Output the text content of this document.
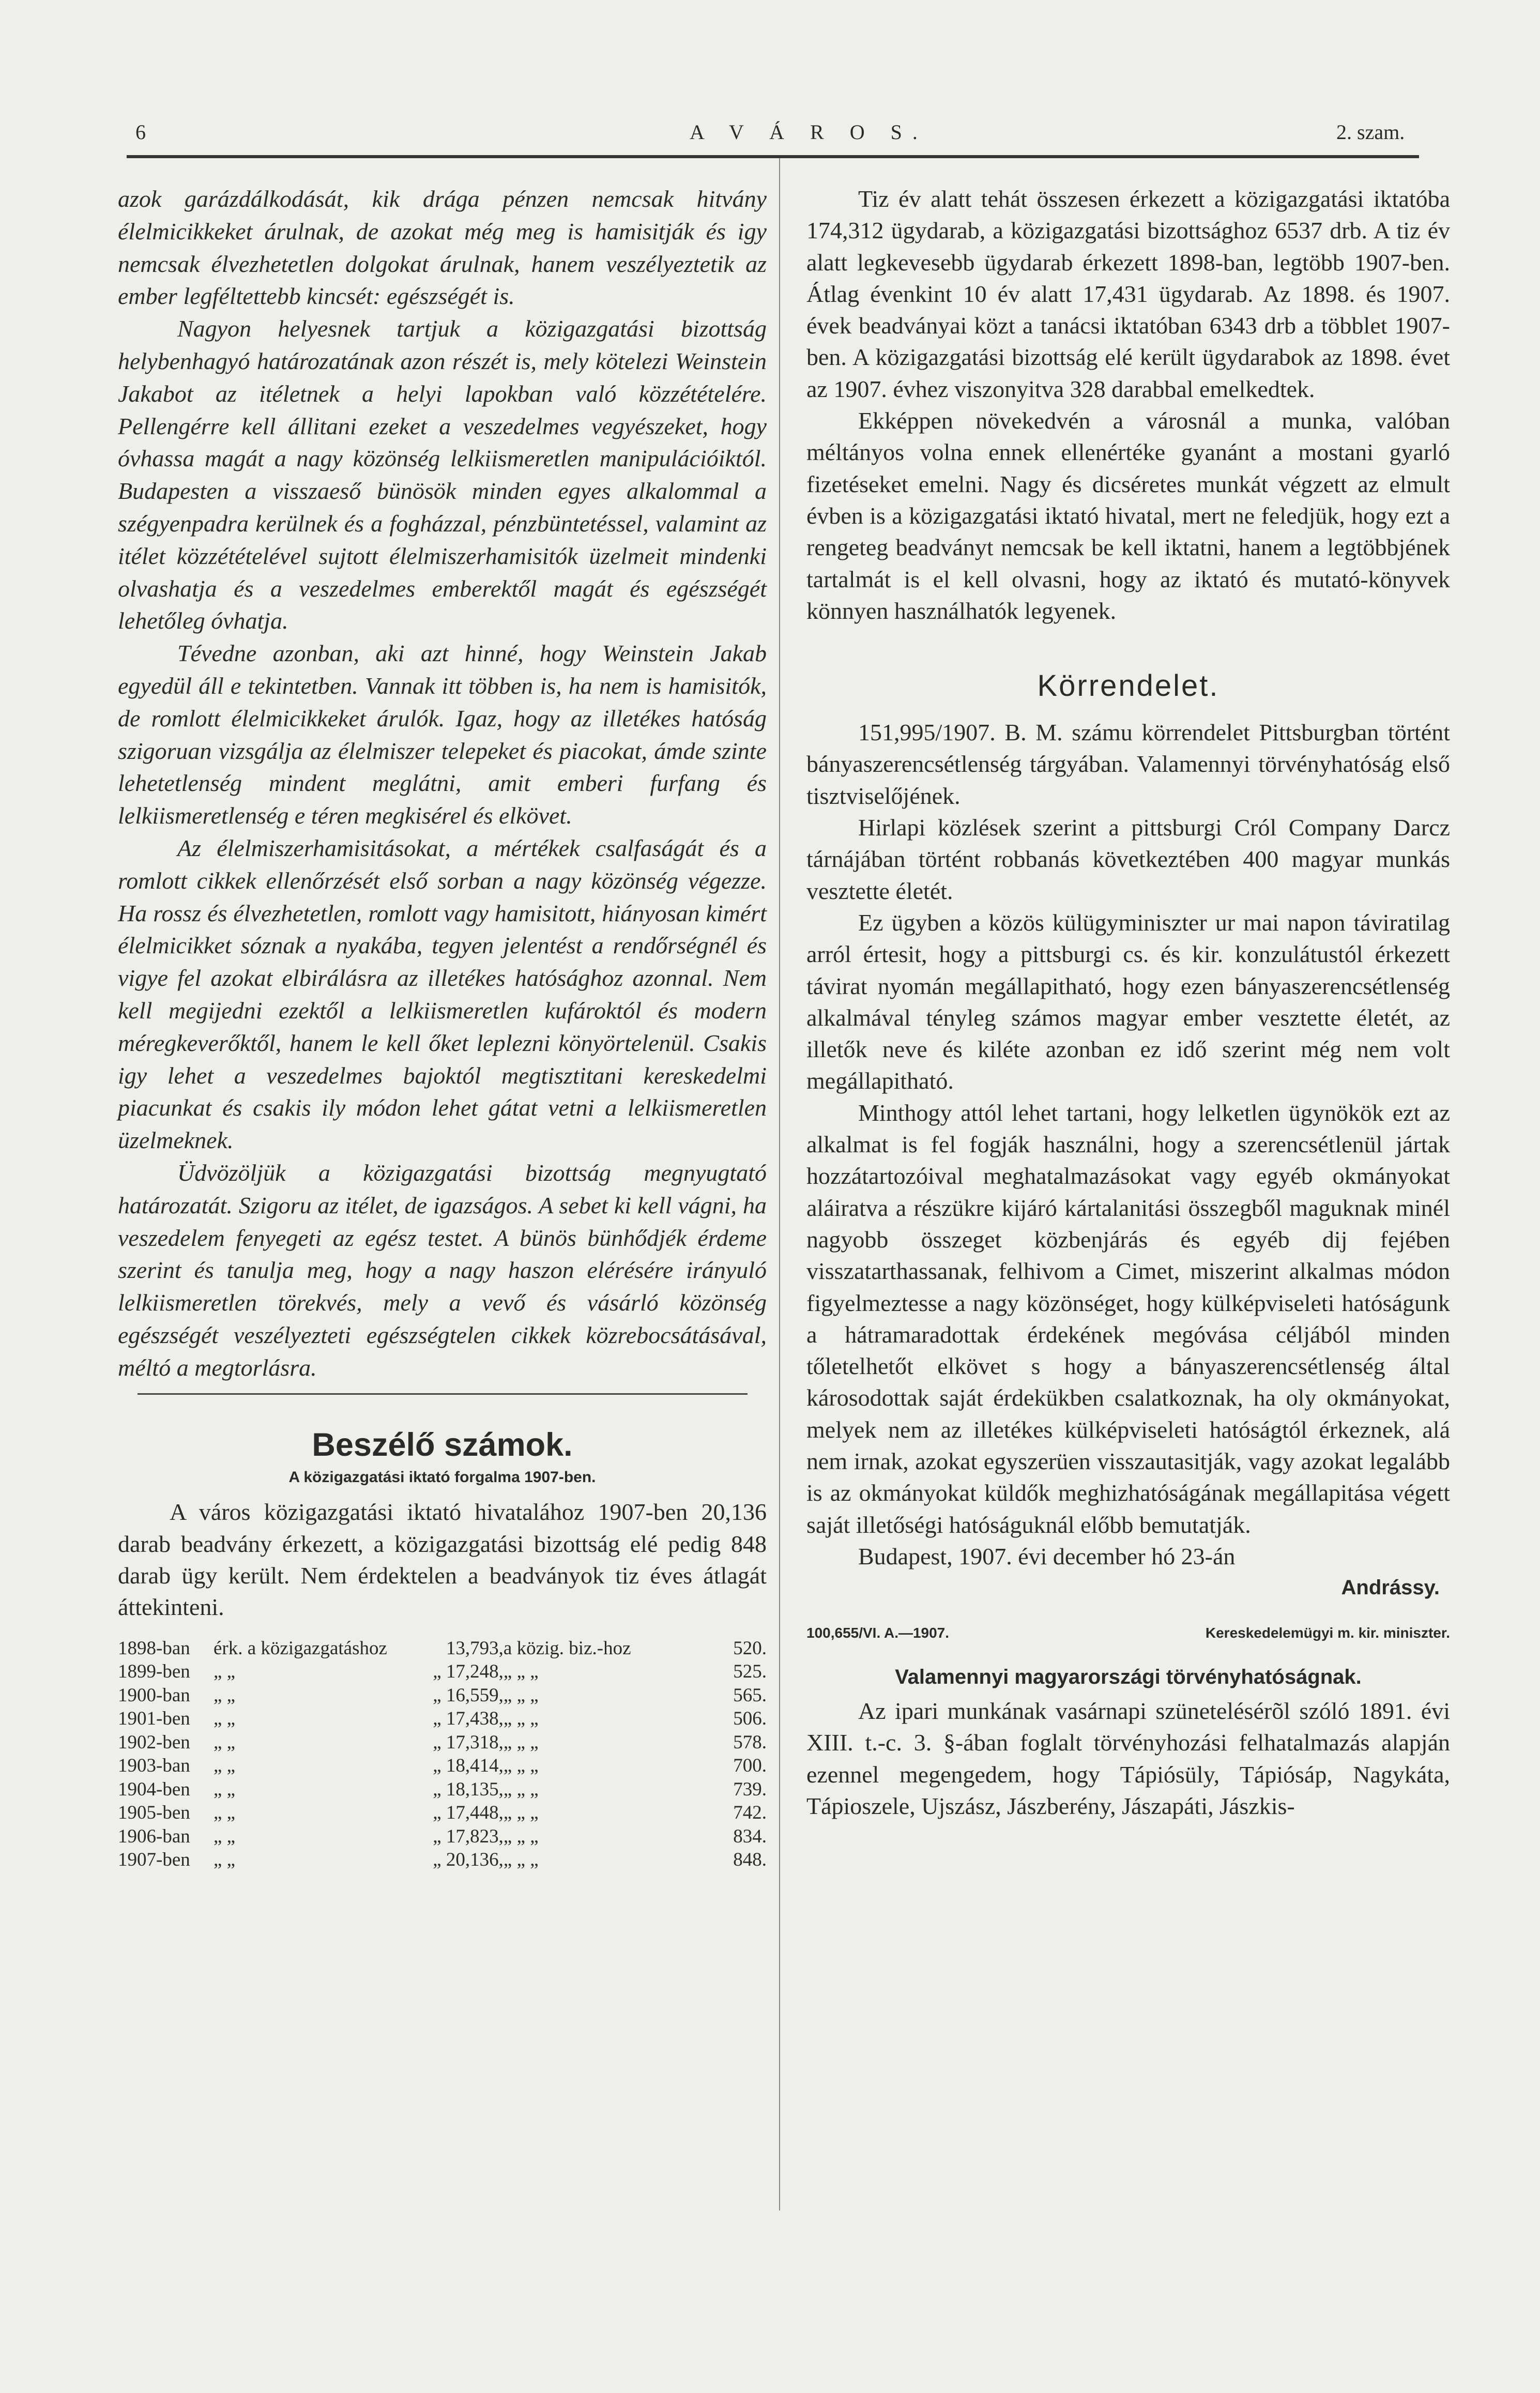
6	A V Á R O S.	2. szam.

azok garázdálkodását, kik drága pénzen nemcsak hitvány élelmicikkeket árulnak, de azokat még meg is hamisitják és igy nemcsak élvezhetetlen dolgokat árulnak, hanem veszélyeztetik az ember legféltettebb kincsét: egészségét is.

Nagyon helyesnek tartjuk a közigazgatási bizottság helybenhagyó határozatának azon részét is, mely kötelezi Weinstein Jakabot az itéletnek a helyi lapokban való közzétételére. Pellengérre kell állitani ezeket a veszedelmes vegyészeket, hogy óvhassa magát a nagy közönség lelkiismeretlen manipulációiktól. Budapesten a visszaeső bünösök minden egyes alkalommal a szégyenpadra kerülnek és a fogházzal, pénzbüntetéssel, valamint az itélet közzétételével sujtott élelmiszerhamisitók üzelmeit mindenki olvashatja és a veszedelmes emberektől magát és egészségét lehetőleg óvhatja.

Tévedne azonban, aki azt hinné, hogy Weinstein Jakab egyedül áll e tekintetben. Vannak itt többen is, ha nem is hamisitók, de romlott élelmicikkeket árulók. Igaz, hogy az illetékes hatóság szigoruan vizsgálja az élelmiszer telepeket és piacokat, ámde szinte lehetetlenség mindent meglátni, amit emberi furfang és lelkiismeretlenség e téren megkisérel és elkövet.

Az élelmiszerhamisitásokat, a mértékek csalfaságát és a romlott cikkek ellenőrzését első sorban a nagy közönség végezze. Ha rossz és élvezhetetlen, romlott vagy hamisitott, hiányosan kimért élelmicikket sóznak a nyakába, tegyen jelentést a rendőrségnél és vigye fel azokat elbirálásra az illetékes hatósághoz azonnal. Nem kell megijedni ezektől a lelkiismeretlen kufároktól és modern méregkeverőktől, hanem le kell őket leplezni könyörtelenül. Csakis igy lehet a veszedelmes bajoktól megtisztitani kereskedelmi piacunkat és csakis ily módon lehet gátat vetni a lelkiismeretlen üzelmeknek.

Üdvözöljük a közigazgatási bizottság megnyugtató határozatát. Szigoru az itélet, de igazságos. A sebet ki kell vágni, ha veszedelem fenyegeti az egész testet. A bünös bünhődjék érdeme szerint és tanulja meg, hogy a nagy haszon elérésére irányuló lelkiismeretlen törekvés, mely a vevő és vásárló közönség egészségét veszélyezteti egészségtelen cikkek közrebocsátásával, méltó a megtorlásra.

Beszélő számok.
A közigazgatási iktató forgalma 1907-ben.

A város közigazgatási iktató hivatalához 1907-ben 20,136 darab beadvány érkezett, a közigazgatási bizottság elé pedig 848 darab ügy került. Nem érdektelen a beadványok tiz éves átlagát áttekinteni.

1898-ban	érk. a közigazgatáshoz	13,793,	a közig. biz.-hoz	520.
1899-ben	„ „	„ 17,248,	„ „ „	525.
1900-ban	„ „	„ 16,559,	„ „ „	565.
1901-ben	„ „	„ 17,438,	„ „ „	506.
1902-ben	„ „	„ 17,318,	„ „ „	578.
1903-ban	„ „	„ 18,414,	„ „ „	700.
1904-ben	„ „	„ 18,135,	„ „ „	739.
1905-ben	„ „	„ 17,448,	„ „ „	742.
1906-ban	„ „	„ 17,823,	„ „ „	834.
1907-ben	„ „	„ 20,136,	„ „ „	848.

Tiz év alatt tehát összesen érkezett a közigazgatási iktatóba 174,312 ügydarab, a közigazgatási bizottsághoz 6537 drb. A tiz év alatt legkevesebb ügydarab érkezett 1898-ban, legtöbb 1907-ben. Átlag évenkint 10 év alatt 17,431 ügydarab. Az 1898. és 1907. évek beadványai közt a tanácsi iktatóban 6343 drb a többlet 1907-ben. A közigazgatási bizottság elé került ügydarabok az 1898. évet az 1907. évhez viszonyitva 328 darabbal emelkedtek.

Ekképpen növekedvén a városnál a munka, valóban méltányos volna ennek ellenértéke gyanánt a mostani gyarló fizetéseket emelni. Nagy és dicséretes munkát végzett az elmult évben is a közigazgatási iktató hivatal, mert ne feledjük, hogy ezt a rengeteg beadványt nemcsak be kell iktatni, hanem a legtöbbjének tartalmát is el kell olvasni, hogy az iktató és mutató-könyvek könnyen használhatók legyenek.

Körrendelet.

151,995/1907. B. M. számu körrendelet Pittsburgban történt bányaszerencsétlenség tárgyában. Valamennyi törvényhatóság első tisztviselőjének.

Hirlapi közlések szerint a pittsburgi Cról Company Darcz tárnájában történt robbanás következtében 400 magyar munkás vesztette életét.

Ez ügyben a közös külügyminiszter ur mai napon táviratilag arról értesit, hogy a pittsburgi cs. és kir. konzulátustól érkezett távirat nyomán megállapitható, hogy ezen bányaszerencsétlenség alkalmával tényleg számos magyar ember vesztette életét, az illetők neve és kiléte azonban ez idő szerint még nem volt megállapitható.

Minthogy attól lehet tartani, hogy lelketlen ügynökök ezt az alkalmat is fel fogják használni, hogy a szerencsétlenül jártak hozzátartozóival meghatalmazásokat vagy egyéb okmányokat aláiratva a részükre kijáró kártalanitási összegből maguknak minél nagyobb összeget közbenjárás és egyéb dij fejében visszatarthassanak, felhivom a Cimet, miszerint alkalmas módon figyelmeztesse a nagy közönséget, hogy külképviseleti hatóságunk a hátramaradottak érdekének megóvása céljából minden tőletelhetőt elkövet s hogy a bányaszerencsétlenség által károsodottak saját érdekükben csalatkoznak, ha oly okmányokat, melyek nem az illetékes külképviseleti hatóságtól érkeznek, alá nem irnak, azokat egyszerüen visszautasitják, vagy azokat legalább is az okmányokat küldők meghizhatóságának megállapitása végett saját illetőségi hatóságuknál előbb bemutatják.

Budapest, 1907. évi december hó 23-án

Andrássy.

100,655/VI. A.—1907.	Kereskedelemügyi m. kir. miniszter.
Valamennyi magyarországi törvényhatóságnak.

Az ipari munkának vasárnapi szünetelésérõl szóló 1891. évi XIII. t.-c. 3. §-ában foglalt törvényhozási felhatalmazás alapján ezennel megengedem, hogy Tápiósüly, Tápiósáp, Nagykáta, Tápioszele, Ujszász, Jászberény, Jászapáti, Jászkis-
